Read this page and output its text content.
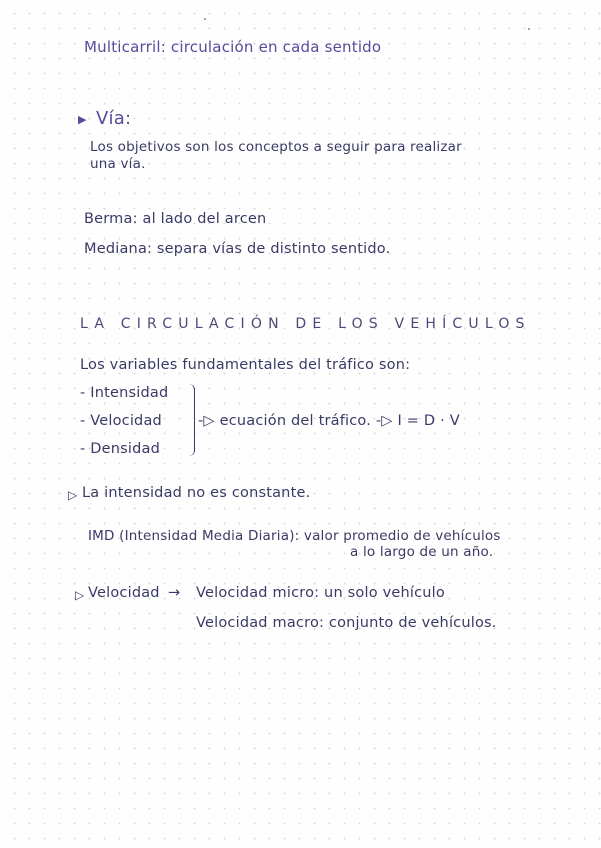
Multicarril: circulación en cada sentido
▶ Vía:
Los objetivos son los conceptos a seguir para realizar
una vía.
Berma: al lado del arcen
Mediana: separa vías de distinto sentido.
LA CIRCULACIÓN DE LOS VEHÍCULOS
Los variables fundamentales del tráfico son:
- Intensidad
- Velocidad
- Densidad
-▷ ecuación del tráfico. -▷ I = D · V
▷ La intensidad no es constante.
IMD (Intensidad Media Diaria): valor promedio de vehículos
a lo largo de un año.
▷ Velocidad → Velocidad micro: un solo vehículo
Velocidad macro: conjunto de vehículos.
